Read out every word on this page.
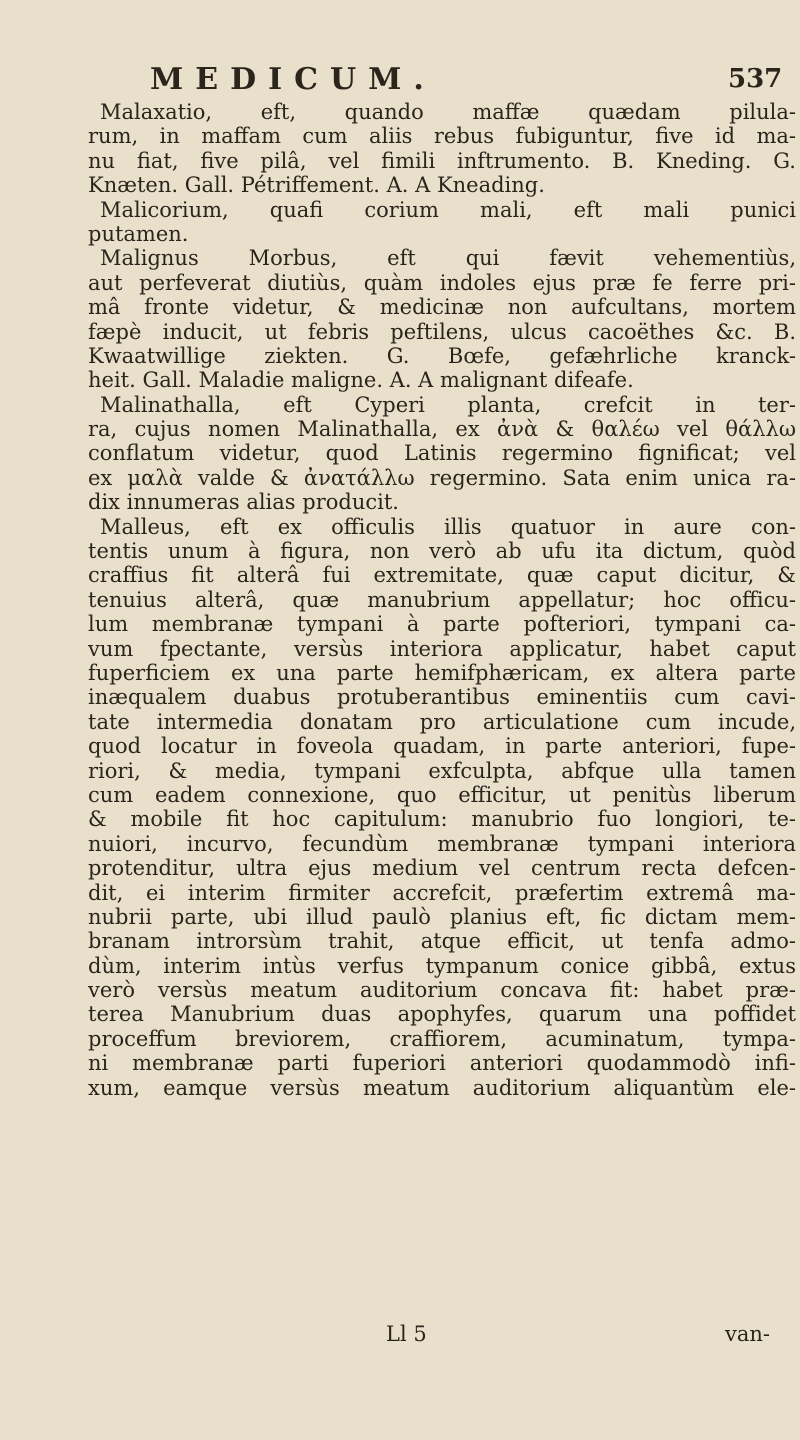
MEDICUM.	537
Malaxatio, eft, quando maffæ quædam pilula-
rum, in maffam cum aliis rebus fubiguntur, five id ma-
nu fiat, five pilâ, vel fimili inftrumento. B. Kneding. G.
Knæten. Gall. Pétriffement. A. A Kneading.
Malicorium, quafi corium mali, eft mali punici
putamen.
Malignus Morbus, eft qui fævit vehementiùs,
aut perfeverat diutiùs, quàm indoles ejus præ fe ferre pri-
mâ fronte videtur, & medicinæ non aufcultans, mortem
fæpè inducit, ut febris peftilens, ulcus cacoëthes &c. B.
Kwaatwillige ziekten. G. Bœfe, gefæhrliche kranck-
heit. Gall. Maladie maligne. A. A malignant difeafe.
Malinathalla, eft Cyperi planta, crefcit in ter-
ra, cujus nomen Malinathalla, ex ἀνὰ & θαλέω vel θάλλω
conflatum videtur, quod Latinis regermino fignificat; vel
ex μαλὰ valde & ἀνατάλλω regermino. Sata enim unica ra-
dix innumeras alias producit.
Malleus, eft ex officulis illis quatuor in aure con-
tentis unum à figura, non verò ab ufu ita dictum, quòd
craffius fit alterâ fui extremitate, quæ caput dicitur, &
tenuius alterâ, quæ manubrium appellatur; hoc officu-
lum membranæ tympani à parte pofteriori, tympani ca-
vum fpectante, versùs interiora applicatur, habet caput
fuperficiem ex una parte hemifphæricam, ex altera parte
inæqualem duabus protuberantibus eminentiis cum cavi-
tate intermedia donatam pro articulatione cum incude,
quod locatur in foveola quadam, in parte anteriori, fupe-
riori, & media, tympani exfculpta, abfque ulla tamen
cum eadem connexione, quo efficitur, ut penitùs liberum
& mobile fit hoc capitulum: manubrio fuo longiori, te-
nuiori, incurvo, fecundùm membranæ tympani interiora
protenditur, ultra ejus medium vel centrum recta defcen-
dit, ei interim firmiter accrefcit, præfertim extremâ ma-
nubrii parte, ubi illud paulò planius eft, fic dictam mem-
branam introrsùm trahit, atque efficit, ut tenfa admo-
dùm, interim intùs verfus tympanum conice gibbâ, extus
verò versùs meatum auditorium concava fit: habet præ-
terea Manubrium duas apophyfes, quarum una poffidet
proceffum breviorem, craffiorem, acuminatum, tympa-
ni membranæ parti fuperiori anteriori quodammodò infi-
xum, eamque versùs meatum auditorium aliquantùm ele-
Ll 5	van-
